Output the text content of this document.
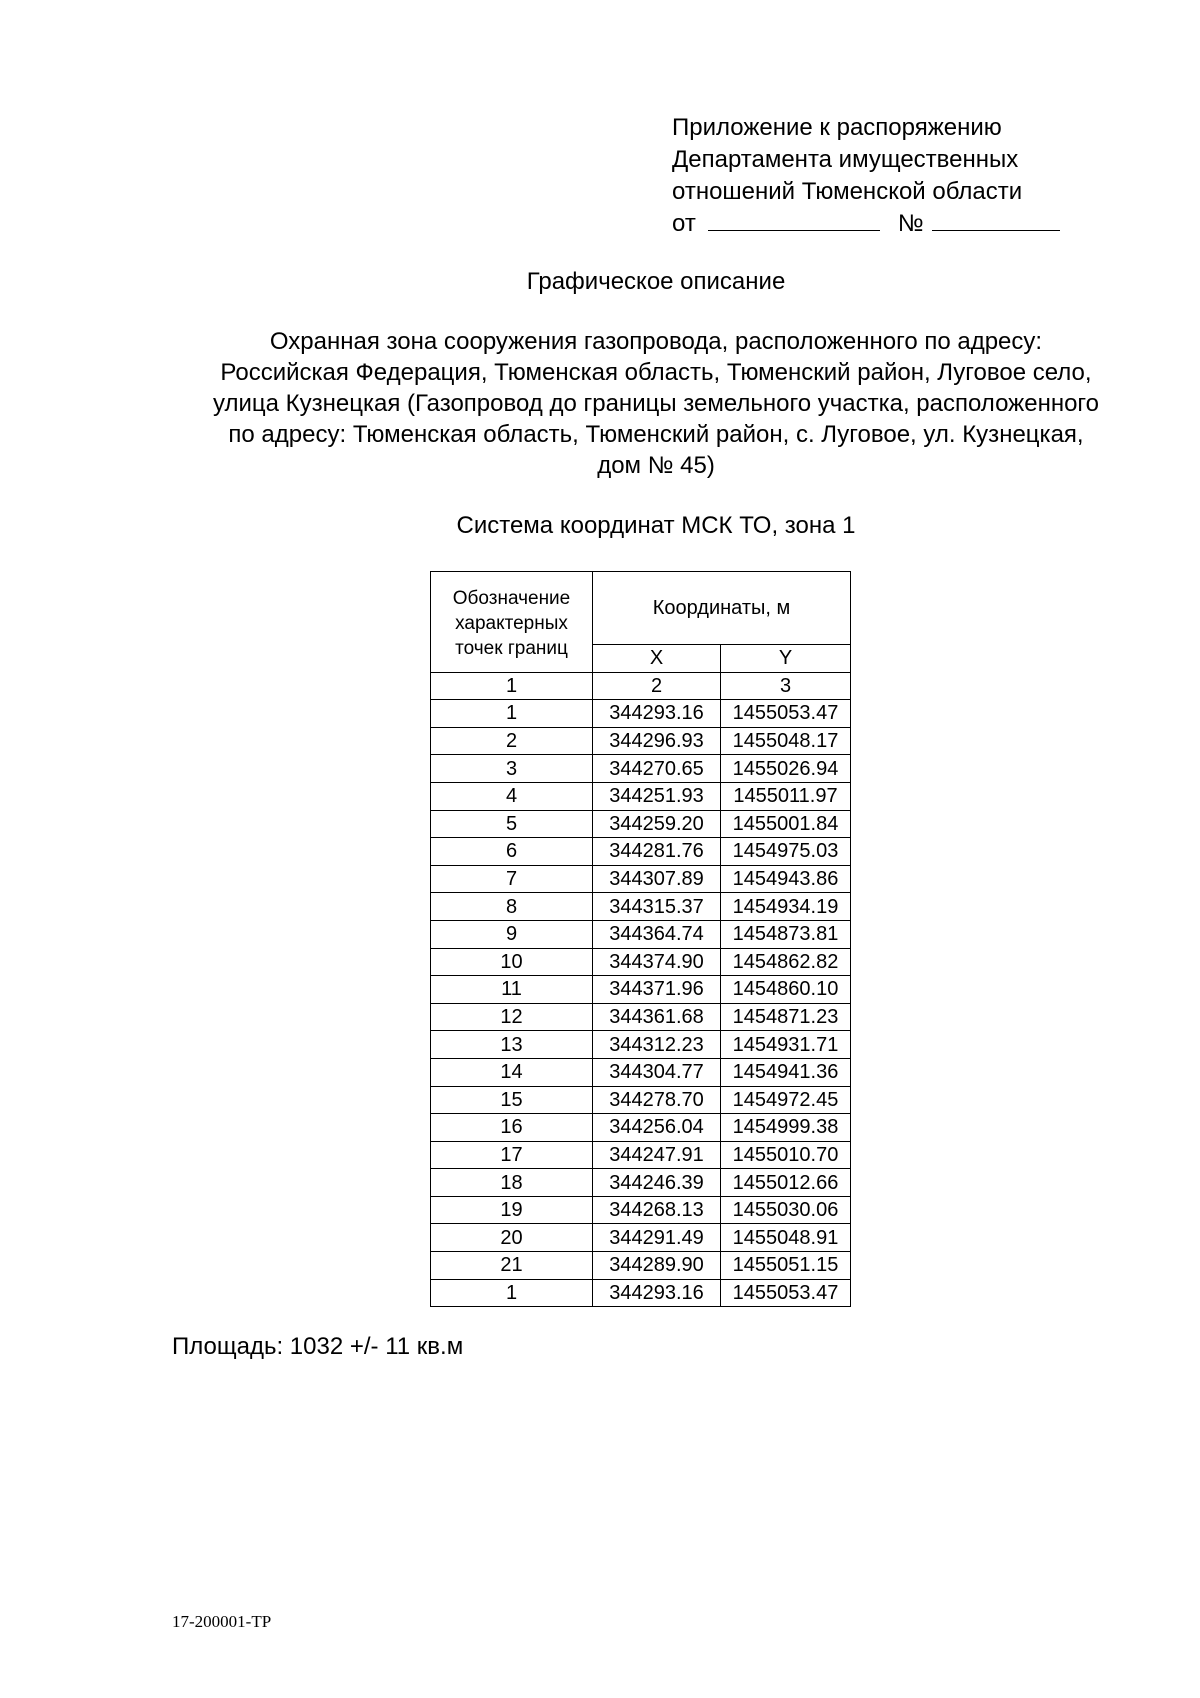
Приложение к распоряжению

Департамента имущественных

отношений Тюменской области

от	№

Графическое описание
Охранная зона сооружения газопровода, расположенного по адресу:
Российская Федерация, Тюменская область, Тюменский район, Луговое село,
улица Кузнецкая (Газопровод до границы земельного участка, расположенного
по адресу: Тюменская область, Тюменский район, с. Луговое, ул. Кузнецкая,
дом № 45)

Система координат МСК ТО, зона 1

Обозначение
характерных
точек границ	Координаты, м	
	X	Y
1	2	3
1	344293.16	1455053.47
2	344296.93	1455048.17
3	344270.65	1455026.94
4	344251.93	1455011.97
5	344259.20	1455001.84
6	344281.76	1454975.03
7	344307.89	1454943.86
8	344315.37	1454934.19
9	344364.74	1454873.81
10	344374.90	1454862.82
11	344371.96	1454860.10
12	344361.68	1454871.23
13	344312.23	1454931.71
14	344304.77	1454941.36
15	344278.70	1454972.45
16	344256.04	1454999.38
17	344247.91	1455010.70
18	344246.39	1455012.66
19	344268.13	1455030.06
20	344291.49	1455048.91
21	344289.90	1455051.15
1	344293.16	1455053.47

Площадь: 1032 +/- 11 кв.м

17-200001-ТР
